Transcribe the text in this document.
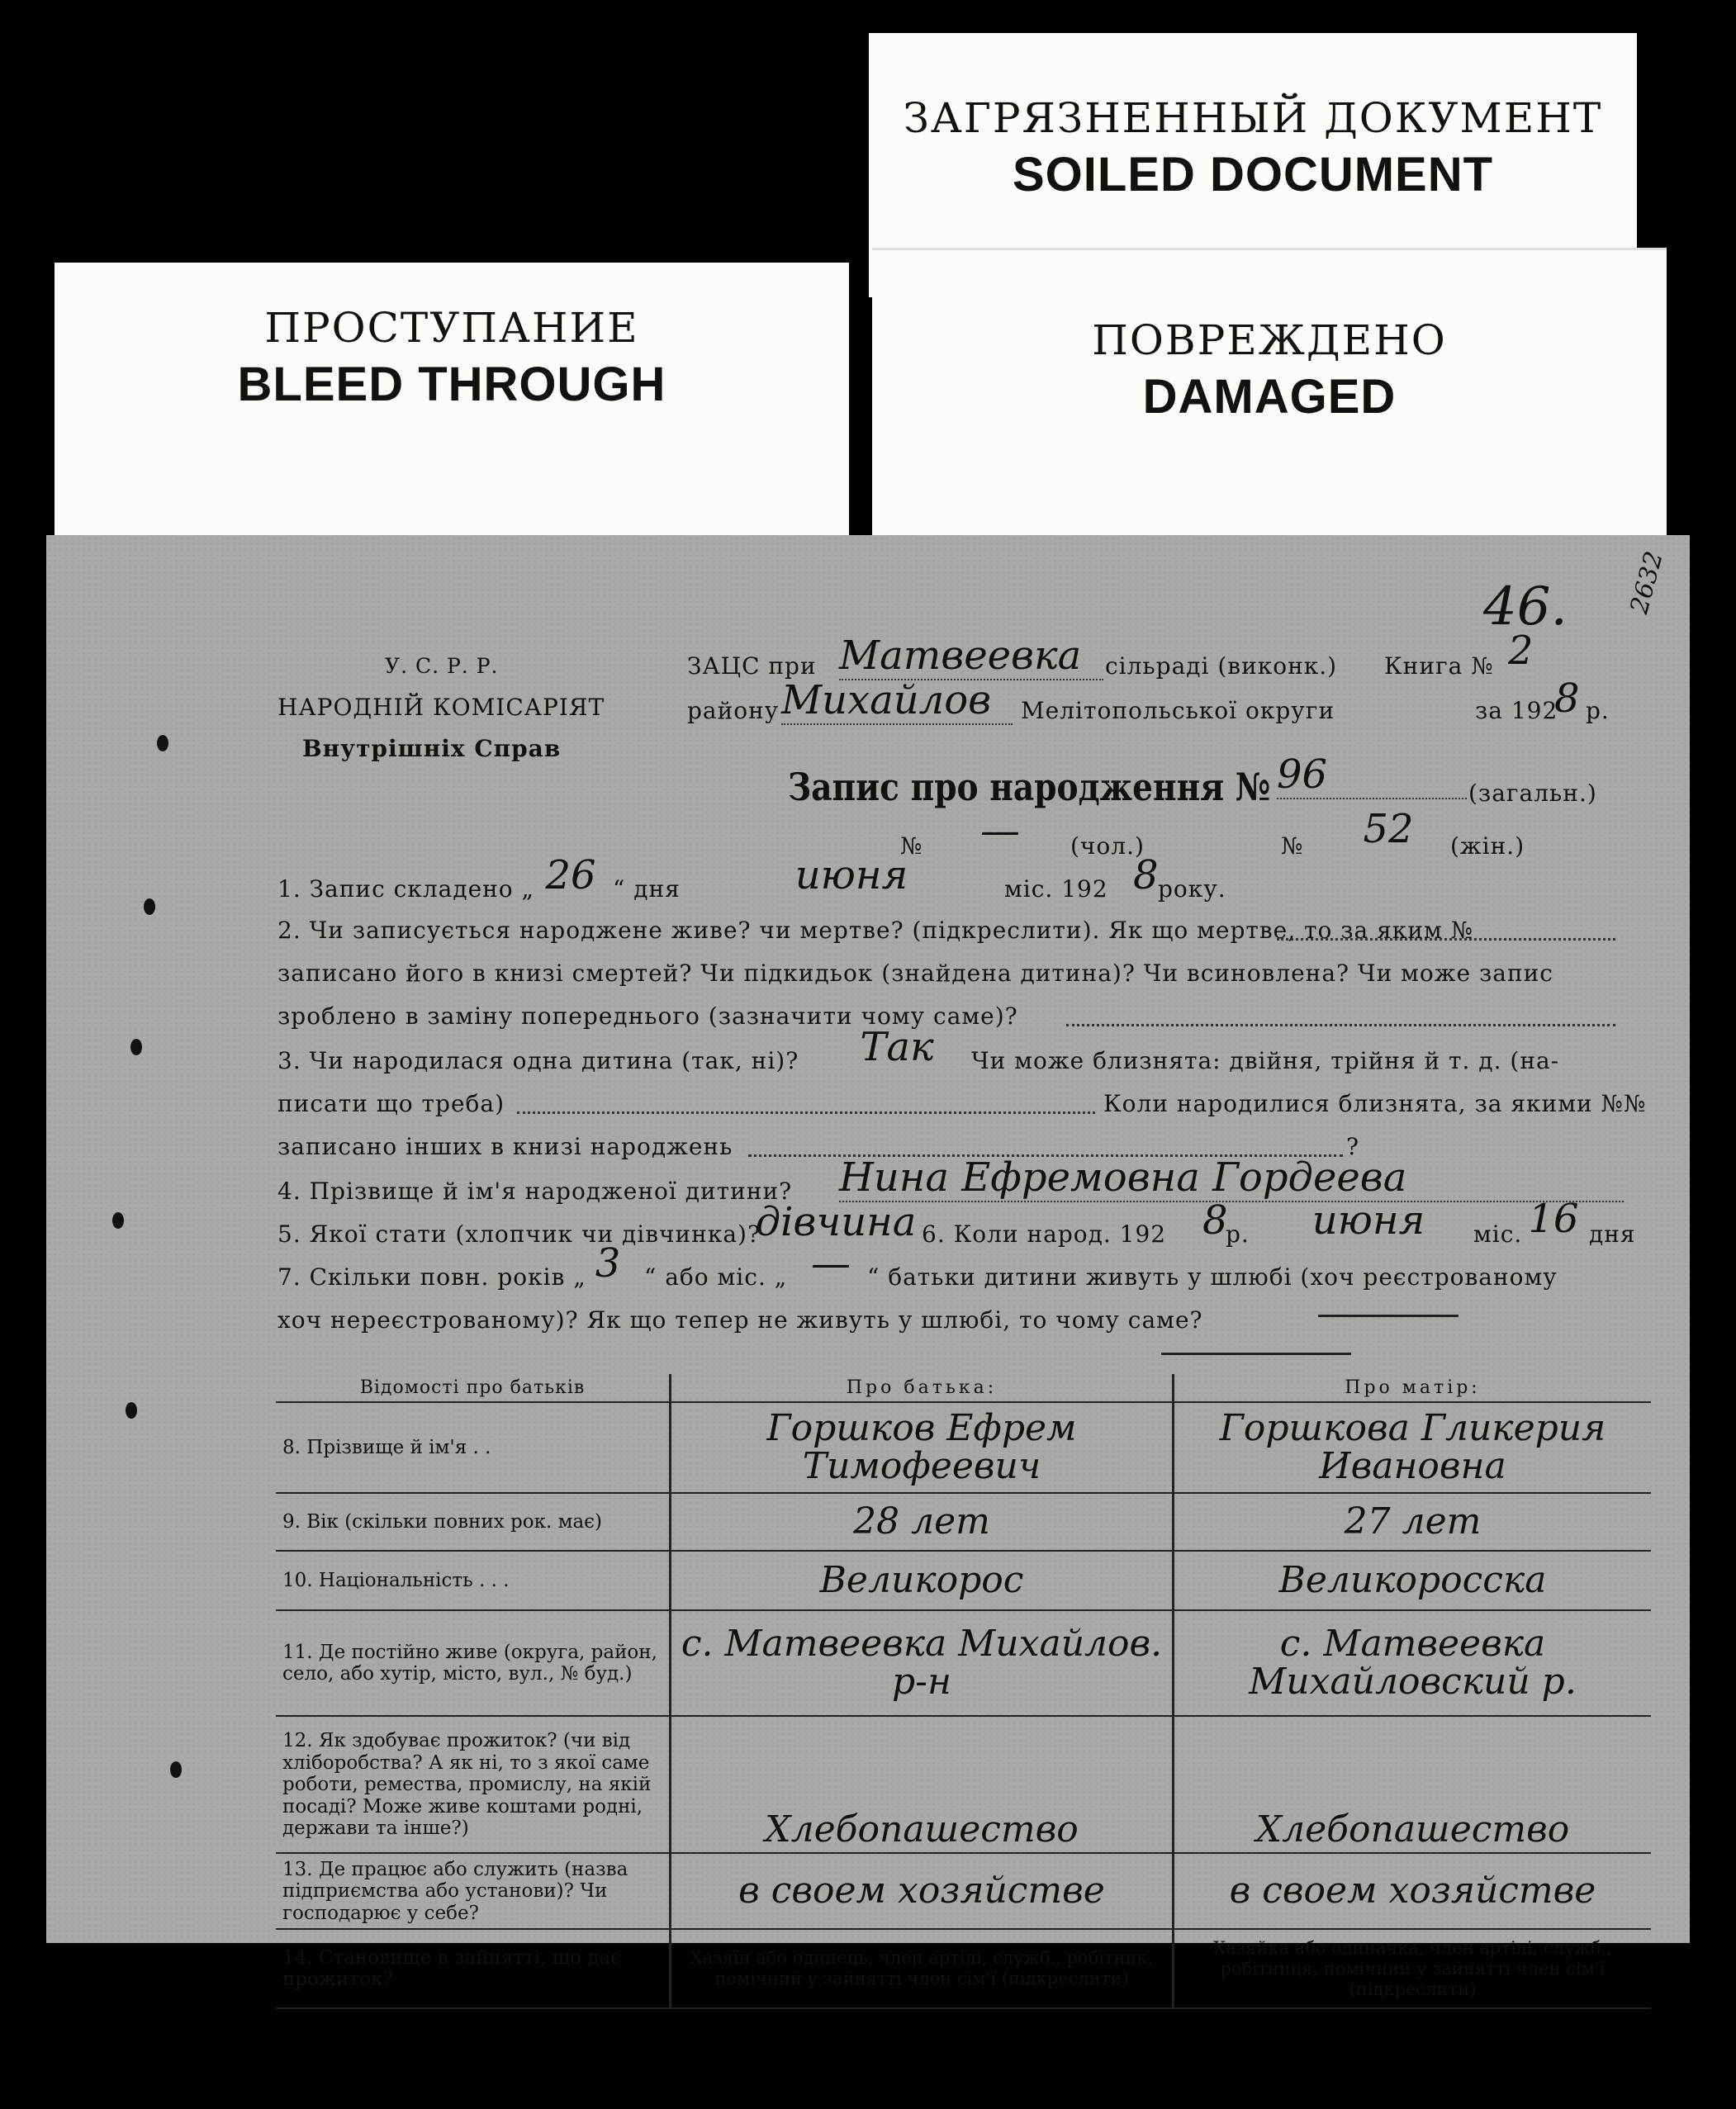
ЗАГРЯЗНЕННЫЙ ДОКУМЕНТ
SOILED DOCUMENT
ПОВРЕЖДЕНО
DAMAGED
ПРОСТУПАНИЕ
BLEED THROUGH
46. 2632
У. С. Р. Р.
НАРОДНІЙ КОМІСАРІЯТ
Внутрішніх Справ
ЗАЦС при Матвеевка	сільраді (виконк.) Книга № 2
району Михайлов	Мелітопольської округи	за 192
8 р.
Запис про народження № 96	(загальн.)
№	—	(чол.)	№	52	(жін.)
1. Запис складено „ 26 “ дня	июня	міс. 192 8 року.
2. Чи записується народжене живе? чи мертве? (підкреслити). Як що мертве, то за яким №
записано його в книзі смертей? Чи підкидьок (знайдена дитина)? Чи всиновлена? Чи може запис
зроблено в заміну попереднього (зазначити чому саме)?
3. Чи народилася одна дитина (так, ні)?	Так	Чи може близнята: двійня, трійня й т. д. (на-
писати що треба)	Коли народилися близнята, за якими №№
записано інших в книзі народжень	?
4. Прізвище й ім'я народженої дитини? Нина Ефремовна Гордеева
5. Якої стати (хлопчик чи дівчинка)?
дівчина 6. Коли народ. 192 8
р.	июня	міс. 16 дня
7. Скільки повн. років „ 3	“ або міс. „ — “ батьки дитини живуть у шлюбі (хоч реєстрованому
хоч нереєстрованому)? Як що тепер не живуть у шлюбі, то чому саме?
Відомості про батьків	Про батька:	Про матір:
8. Прізвище й ім'я . .	Горшков Ефрем Тимофеевич	Горшкова Гликерия Ивановна
9. Вік (скільки повних рок. має)	28 лет	27 лет
10. Національність . . .	Великорос	Великоросска
11. Де постійно живе (округа, район, село, або хутір, місто, вул., № буд.)	с. Матвеевка Михайлов. р-н	с. Матвеевка Михайловский р.
12. Як здобуває прожиток? (чи від хліборобства? А як ні, то з якої саме роботи, ремества, промислу, на якій посаді? Може живе коштами родні, держави та інше?)	Хлебопашество	Хлебопашество
13. Де працює або служить (назва підприємства або установи)? Чи господарює у себе?	в своем хозяйстве	в своем хозяйстве
14. Становище в зайнятті, що дає прожиток?	Хазяїн або одинець, член артілі, служб., робітник, помічний у зайнятті член сім'ї (підкреслити)	Хазяйка або одиначка, член артілі, служб., робітниця, помічний у зайнятті член сім'ї (підкреслити)
